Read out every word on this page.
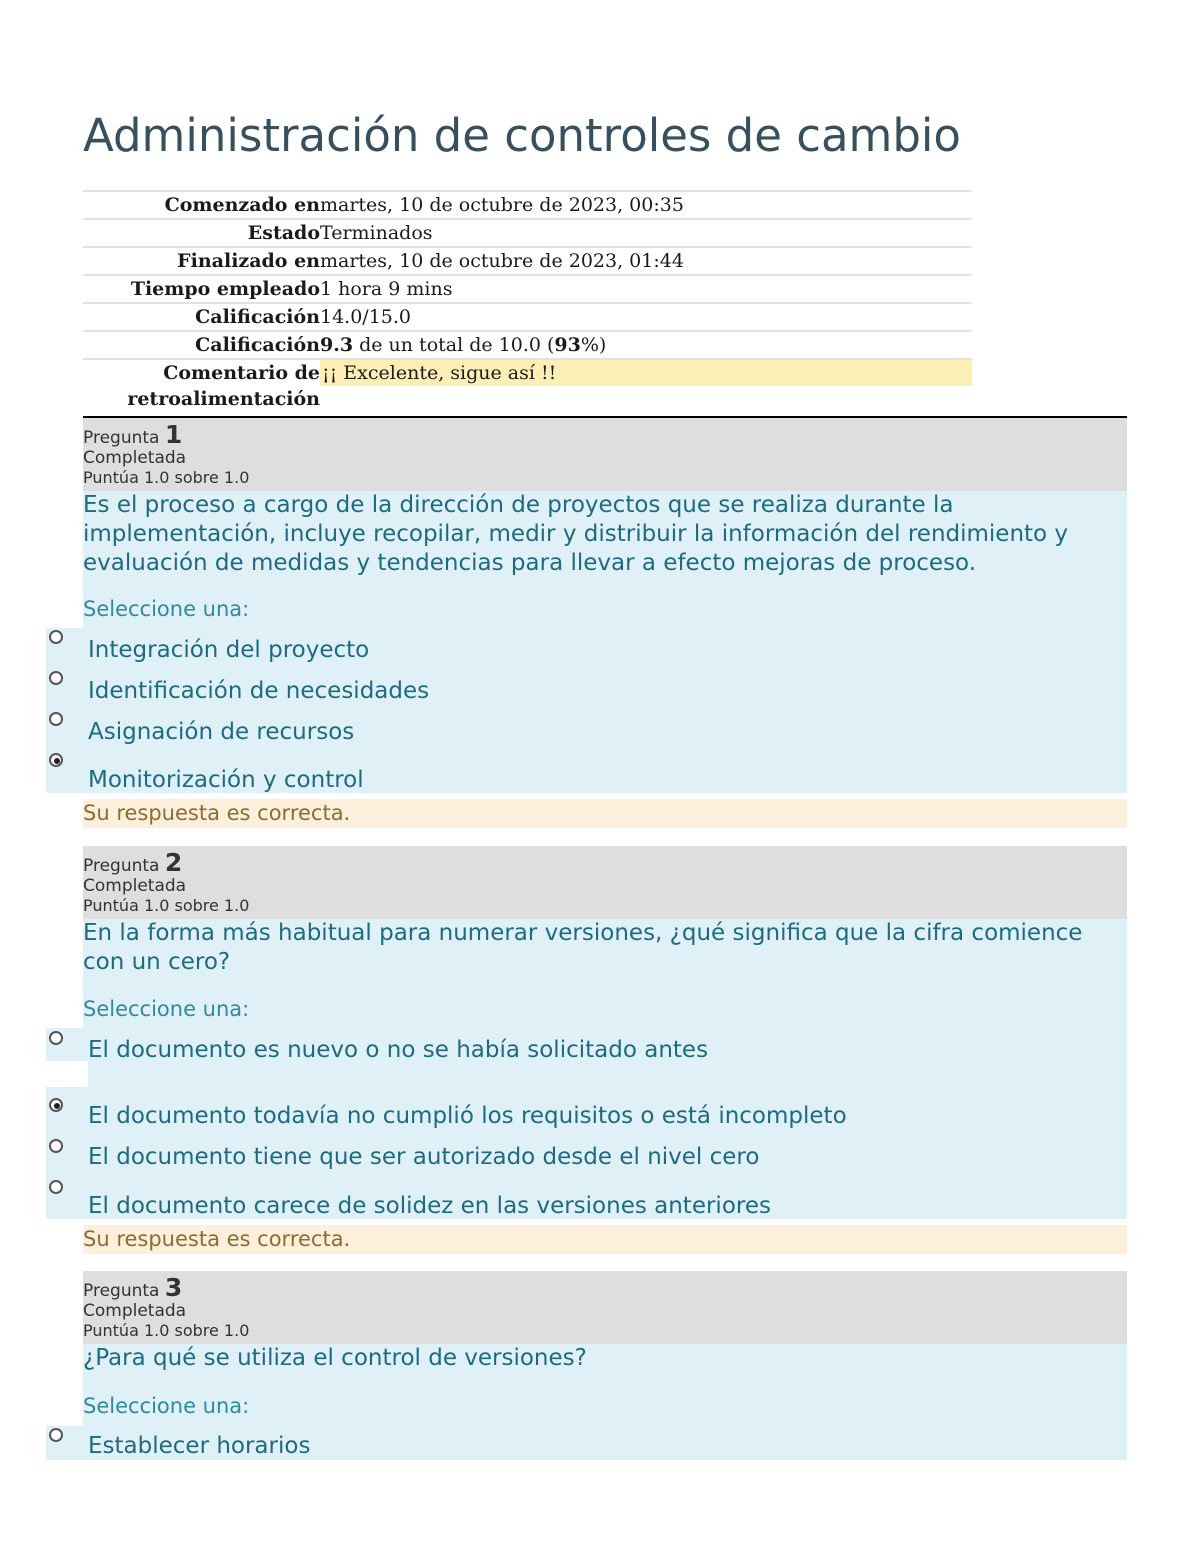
Administración de controles de cambio
Comenzado en martes, 10 de octubre de 2023, 00:35
Estado Terminados
Finalizado en martes, 10 de octubre de 2023, 01:44
Tiempo empleado 1 hora 9 mins
Calificación 14.0/15.0
Calificación 9.3 de un total de 10.0 (93%)
Comentario de
retroalimentación
¡¡ Excelente, sigue así !!
Pregunta 1
Completada
Puntúa 1.0 sobre 1.0
Es el proceso a cargo de la dirección de proyectos que se realiza durante la implementación, incluye recopilar, medir y distribuir la información del rendimiento y evaluación de medidas y tendencias para llevar a efecto mejoras de proceso.
Seleccione una:
Integración del proyecto
Identificación de necesidades
Asignación de recursos
Monitorización y control
Su respuesta es correcta.
Pregunta 2
Completada
Puntúa 1.0 sobre 1.0
En la forma más habitual para numerar versiones, ¿qué significa que la cifra comience con un cero?
Seleccione una:
El documento es nuevo o no se había solicitado antes
El documento todavía no cumplió los requisitos o está incompleto
El documento tiene que ser autorizado desde el nivel cero
El documento carece de solidez en las versiones anteriores
Su respuesta es correcta.
Pregunta 3
Completada
Puntúa 1.0 sobre 1.0
¿Para qué se utiliza el control de versiones?
Seleccione una:
Establecer horarios
